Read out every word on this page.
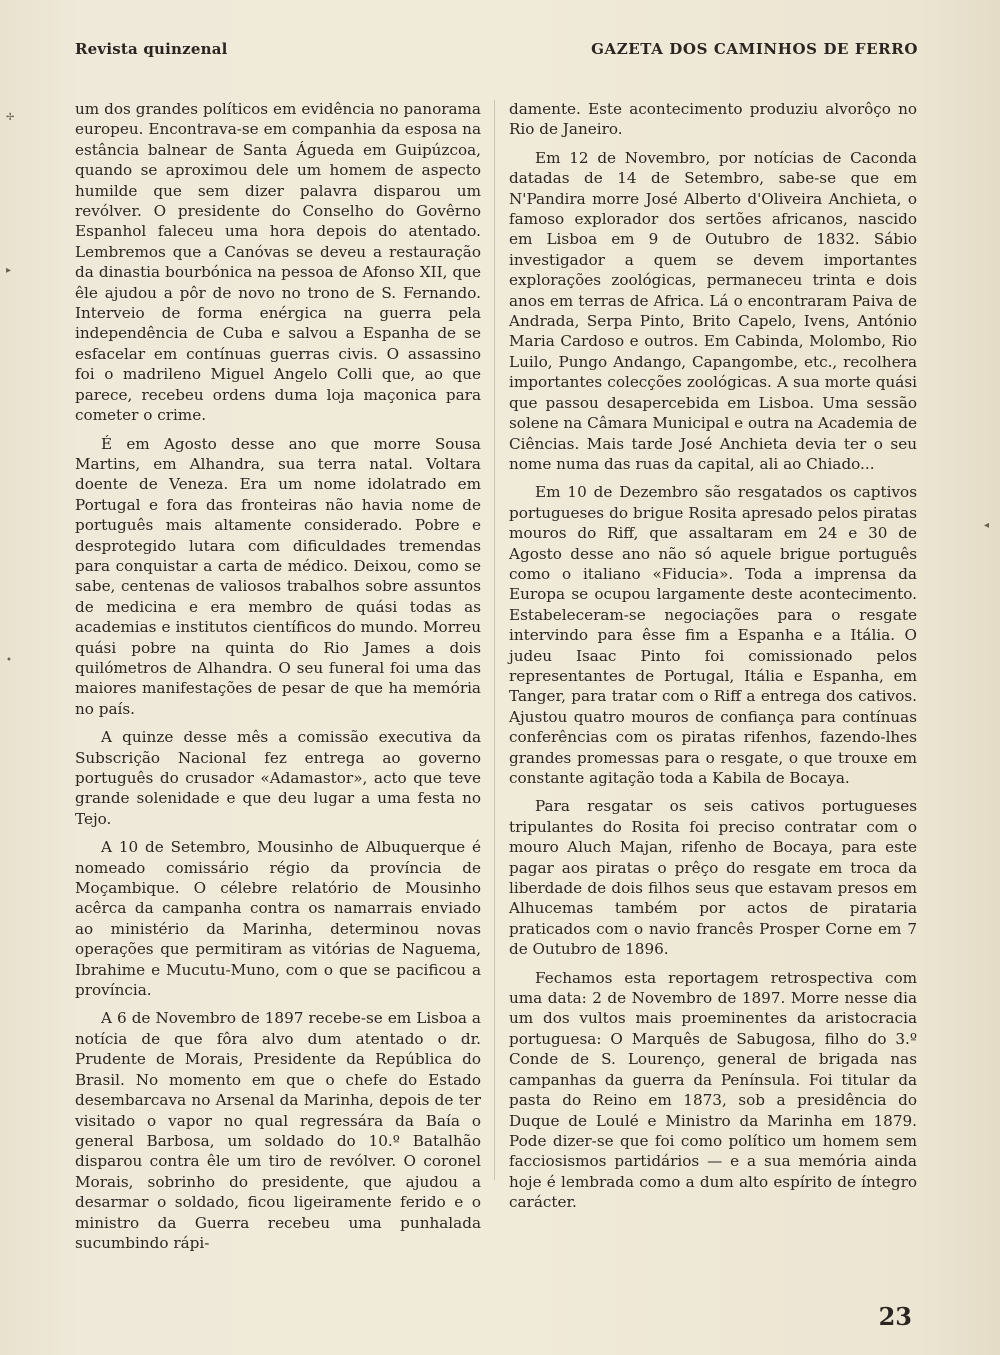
Revista quinzenal	GAZETA DOS CAMINHOS DE FERRO

um dos grandes políticos em evidência no panorama europeu. Encontrava-se em companhia da esposa na estância balnear de Santa Águeda em Guipúzcoa, quando se aproximou dele um homem de aspecto humilde que sem dizer palavra disparou um revólver. O presidente do Conselho do Govêrno Espanhol faleceu uma hora depois do atentado. Lembremos que a Canóvas se deveu a restauração da dinastia bourbónica na pessoa de Afonso XII, que êle ajudou a pôr de novo no trono de S. Fernando. Interveio de forma enérgica na guerra pela independência de Cuba e salvou a Espanha de se esfacelar em contínuas guerras civis. O assassino foi o madrileno Miguel Angelo Colli que, ao que parece, recebeu ordens duma loja maçonica para cometer o crime.

É em Agosto desse ano que morre Sousa Martins, em Alhandra, sua terra natal. Voltara doente de Veneza. Era um nome idolatrado em Portugal e fora das fronteiras não havia nome de português mais altamente considerado. Pobre e desprotegido lutara com dificuldades tremendas para conquistar a carta de médico. Deixou, como se sabe, centenas de valiosos trabalhos sobre assuntos de medicina e era membro de quási todas as academias e institutos científicos do mundo. Morreu quási pobre na quinta do Rio James a dois quilómetros de Alhandra. O seu funeral foi uma das maiores manifestações de pesar de que ha memória no país.

A quinze desse mês a comissão executiva da Subscrição Nacional fez entrega ao governo português do crusador «Adamastor», acto que teve grande solenidade e que deu lugar a uma festa no Tejo.

A 10 de Setembro, Mousinho de Albuquerque é nomeado comissário régio da província de Moçambique. O célebre relatório de Mousinho acêrca da campanha contra os namarrais enviado ao ministério da Marinha, determinou novas operações que permitiram as vitórias de Naguema, Ibrahime e Mucutu-Muno, com o que se pacificou a província.

A 6 de Novembro de 1897 recebe-se em Lisboa a notícia de que fôra alvo dum atentado o dr. Prudente de Morais, Presidente da República do Brasil. No momento em que o chefe do Estado desembarcava no Arsenal da Marinha, depois de ter visitado o vapor no qual regressára da Baía o general Barbosa, um soldado do 10.º Batalhão disparou contra êle um tiro de revólver. O coronel Morais, sobrinho do presidente, que ajudou a desarmar o soldado, ficou ligeiramente ferido e o ministro da Guerra recebeu uma punhalada sucumbindo rápi-

damente. Este acontecimento produziu alvorôço no Rio de Janeiro.

Em 12 de Novembro, por notícias de Caconda datadas de 14 de Setembro, sabe-se que em N'Pandira morre José Alberto d'Oliveira Anchieta, o famoso explorador dos sertões africanos, nascido em Lisboa em 9 de Outubro de 1832. Sábio investigador a quem se devem importantes explorações zoológicas, permaneceu trinta e dois anos em terras de Africa. Lá o encontraram Paiva de Andrada, Serpa Pinto, Brito Capelo, Ivens, António Maria Cardoso e outros. Em Cabinda, Molombo, Rio Luilo, Pungo Andango, Capangombe, etc., recolhera importantes colecções zoológicas. A sua morte quási que passou desapercebida em Lisboa. Uma sessão solene na Câmara Municipal e outra na Academia de Ciências. Mais tarde José Anchieta devia ter o seu nome numa das ruas da capital, ali ao Chiado...

Em 10 de Dezembro são resgatados os captivos portugueses do brigue Rosita apresado pelos piratas mouros do Riff, que assaltaram em 24 e 30 de Agosto desse ano não só aquele brigue português como o italiano «Fiducia». Toda a imprensa da Europa se ocupou largamente deste acontecimento. Estabeleceram-se negociações para o resgate intervindo para êsse fim a Espanha e a Itália. O judeu Isaac Pinto foi comissionado pelos representantes de Portugal, Itália e Espanha, em Tanger, para tratar com o Riff a entrega dos cativos. Ajustou quatro mouros de confiança para contínuas conferências com os piratas rifenhos, fazendo-lhes grandes promessas para o resgate, o que trouxe em constante agitação toda a Kabila de Bocaya.

Para resgatar os seis cativos portugueses tripulantes do Rosita foi preciso contratar com o mouro Aluch Majan, rifenho de Bocaya, para este pagar aos piratas o prêço do resgate em troca da liberdade de dois filhos seus que estavam presos em Alhucemas também por actos de pirataria praticados com o navio francês Prosper Corne em 7 de Outubro de 1896.

Fechamos esta reportagem retrospectiva com uma data: 2 de Novembro de 1897. Morre nesse dia um dos vultos mais proeminentes da aristocracia portuguesa: O Marquês de Sabugosa, filho do 3.º Conde de S. Lourenço, general de brigada nas campanhas da guerra da Península. Foi titular da pasta do Reino em 1873, sob a presidência do Duque de Loulé e Ministro da Marinha em 1879. Pode dizer-se que foi como político um homem sem facciosismos partidários — e a sua memória ainda hoje é lembrada como a dum alto espírito de íntegro carácter.

23
✢
▸
•
◂
